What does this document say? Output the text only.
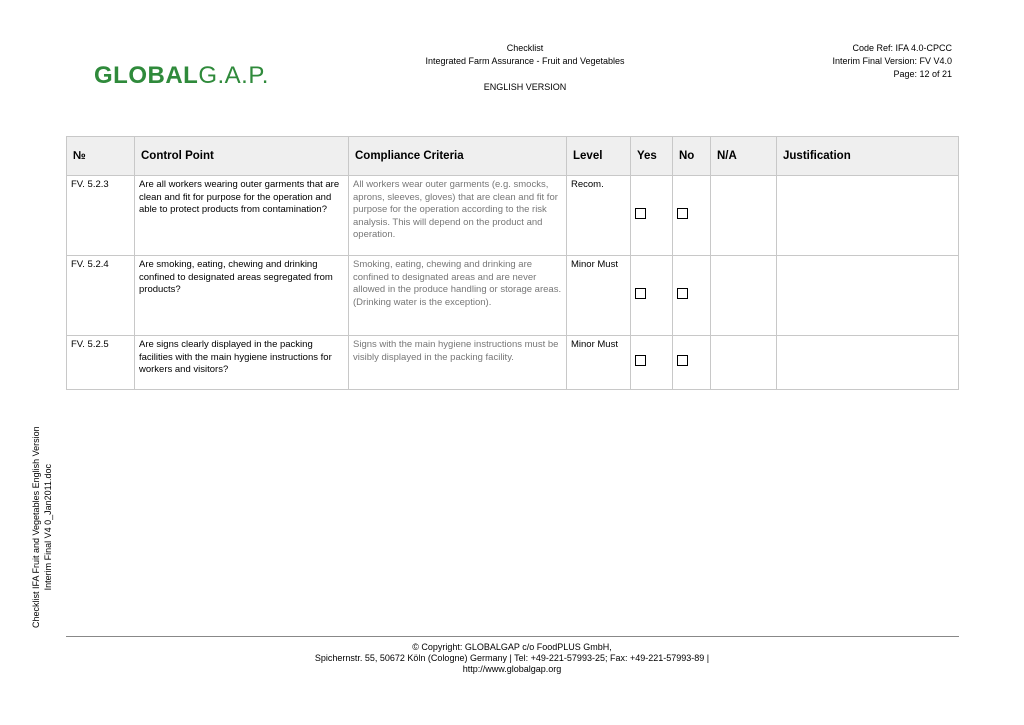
GLOBALG.A.P.
Checklist
Integrated Farm Assurance - Fruit and Vegetables
ENGLISH VERSION
Code Ref: IFA 4.0-CPCC
Interim Final Version: FV V4.0
Page: 12 of 21
Checklist IFA Fruit and Vegetables English Version Interim Final V4 0_Jan2011.doc
№	Control Point	Compliance Criteria	Level	Yes	No	N/A	Justification
FV. 5.2.3	Are all workers wearing outer garments that are clean and fit for purpose for the operation and able to protect products from contamination?	All workers wear outer garments (e.g. smocks, aprons, sleeves, gloves) that are clean and fit for purpose for the operation according to the risk analysis. This will depend on the product and operation.	Recom.				
FV. 5.2.4	Are smoking, eating, chewing and drinking confined to designated areas segregated from products?	Smoking, eating, chewing and drinking are confined to designated areas and are never allowed in the produce handling or storage areas. (Drinking water is the exception).	Minor Must				
FV. 5.2.5	Are signs clearly displayed in the packing facilities with the main hygiene instructions for workers and visitors?	Signs with the main hygiene instructions must be visibly displayed in the packing facility.	Minor Must				
© Copyright: GLOBALGAP c/o FoodPLUS GmbH,
Spichernstr. 55, 50672 Köln (Cologne) Germany | Tel: +49-221-57993-25; Fax: +49-221-57993-89 |
http://www.globalgap.org
